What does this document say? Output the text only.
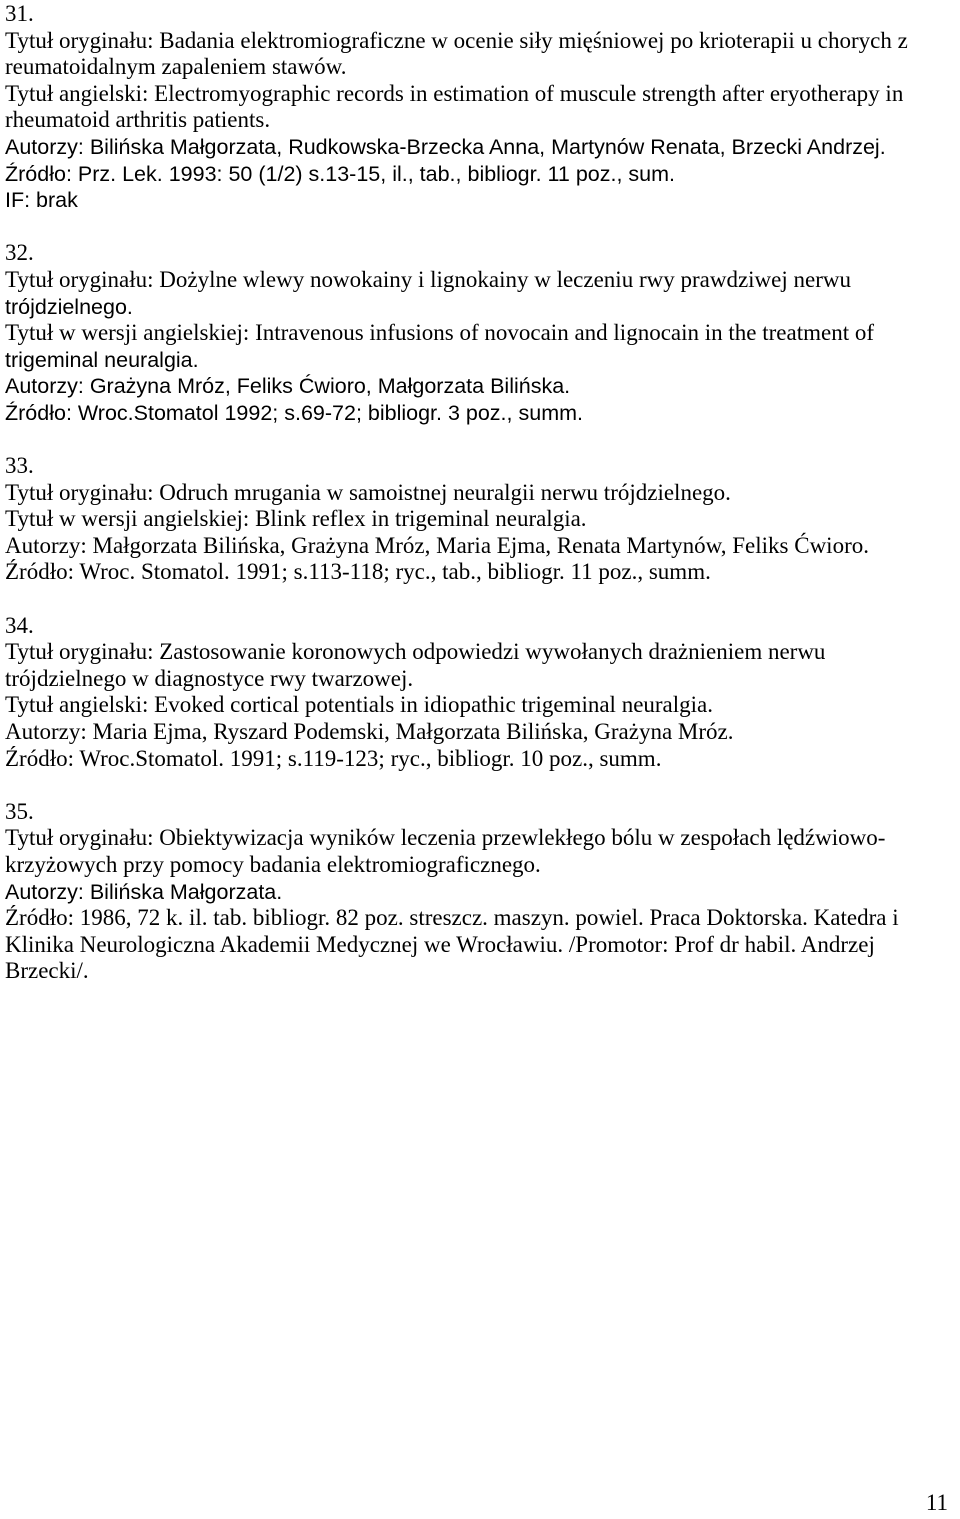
31.
Tytuł oryginału: Badania elektromiograficzne w ocenie siły mięśniowej po krioterapii u chorych z
reumatoidalnym zapaleniem stawów.
Tytuł angielski: Electromyographic records in estimation of muscule strength after eryotherapy in
rheumatoid arthritis patients.
Autorzy: Bilińska Małgorzata, Rudkowska-Brzecka Anna, Martynów Renata, Brzecki Andrzej.
Źródło: Prz. Lek. 1993: 50 (1/2) s.13-15, il., tab., bibliogr. 11 poz., sum.
IF: brak
32.
Tytuł oryginału: Dożylne wlewy nowokainy i lignokainy w leczeniu rwy prawdziwej nerwu
trójdzielnego.
Tytuł w wersji angielskiej: Intravenous infusions of novocain and lignocain in the treatment of
trigeminal neuralgia.
Autorzy: Grażyna Mróz, Feliks Ćwioro, Małgorzata Bilińska.
Źródło: Wroc.Stomatol 1992; s.69-72; bibliogr. 3 poz., summ.
33.
Tytuł oryginału: Odruch mrugania w samoistnej neuralgii nerwu trójdzielnego.
Tytuł w wersji angielskiej: Blink reflex in trigeminal neuralgia.
Autorzy: Małgorzata Bilińska, Grażyna Mróz, Maria Ejma, Renata Martynów, Feliks Ćwioro.
Źródło: Wroc. Stomatol. 1991; s.113-118; ryc., tab., bibliogr. 11 poz., summ.
34.
Tytuł oryginału: Zastosowanie koronowych odpowiedzi wywołanych drażnieniem nerwu
trójdzielnego w diagnostyce rwy twarzowej.
Tytuł angielski: Evoked cortical potentials in idiopathic trigeminal neuralgia.
Autorzy: Maria Ejma, Ryszard Podemski, Małgorzata Bilińska, Grażyna Mróz.
Źródło: Wroc.Stomatol. 1991; s.119-123; ryc., bibliogr. 10 poz., summ.
35.
Tytuł oryginału: Obiektywizacja wyników leczenia przewlekłego bólu w zespołach lędźwiowo-
krzyżowych przy pomocy badania elektromiograficznego.
Autorzy: Bilińska Małgorzata.
Źródło: 1986, 72 k. il. tab. bibliogr. 82 poz. streszcz. maszyn. powiel. Praca Doktorska. Katedra i
Klinika Neurologiczna Akademii Medycznej we Wrocławiu. /Promotor: Prof dr habil. Andrzej
Brzecki/.
11
